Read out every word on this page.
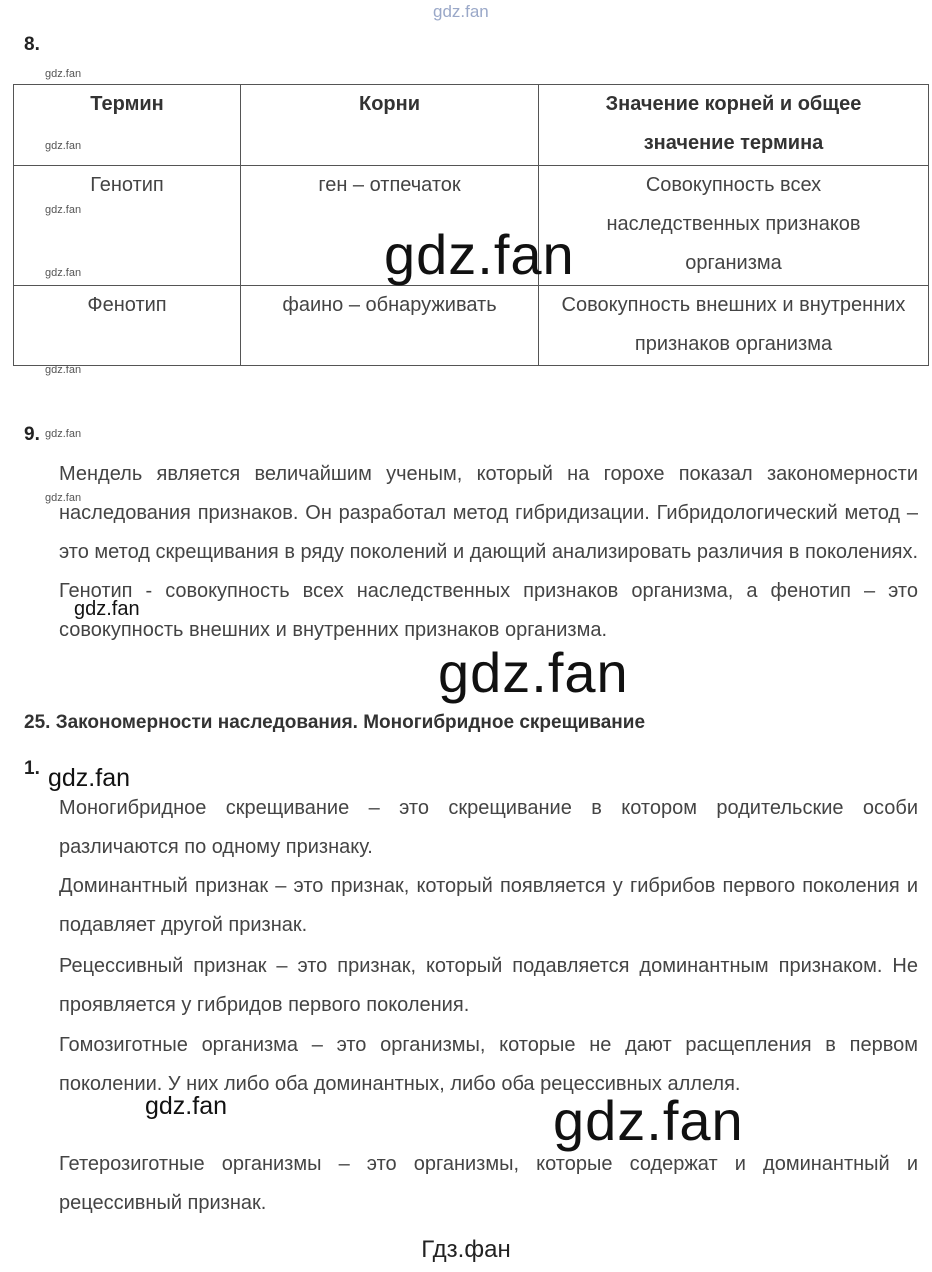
gdz.fan
8.
Термин	Корни	Значение корней и общее значение термина

Генотип	ген – отпечаток	Совокупность всех наследственных признаков организма

Фенотип	фаино – обнаруживать	Совокупность внешних и внутренних признаков организма
gdz.fan
gdz.fan
gdz.fan
gdz.fan
gdz.fan
gdz.fan
gdz.fan
gdz.fan
9.
Мендель является величайшим ученым, который на горохе показал закономерности наследования признаков. Он разработал метод гибридизации. Гибридологический метод – это метод скрещивания в ряду поколений и дающий анализировать различия в поколениях. Генотип - совокупность всех наследственных признаков организма, а фенотип – это совокупность внешних и внутренних признаков организма.
gdz.fan
gdz.fan
25. Закономерности наследования. Моногибридное скрещивание
1. gdz.fan
Моногибридное скрещивание – это скрещивание в котором родительские особи различаются по одному признаку.
Доминантный признак – это признак, который появляется у гибрибов первого поколения и подавляет другой признак.
Рецессивный признак – это признак, который подавляется доминантным признаком. Не проявляется у гибридов первого поколения.
Гомозиготные организма – это организмы, которые не дают расщепления в первом поколении. У них либо оба доминантных, либо оба рецессивных аллеля.
Гетерозиготные организмы – это организмы, которые содержат и доминантный и рецессивный признак.
gdz.fan	gdz.fan
Гдз.фан
